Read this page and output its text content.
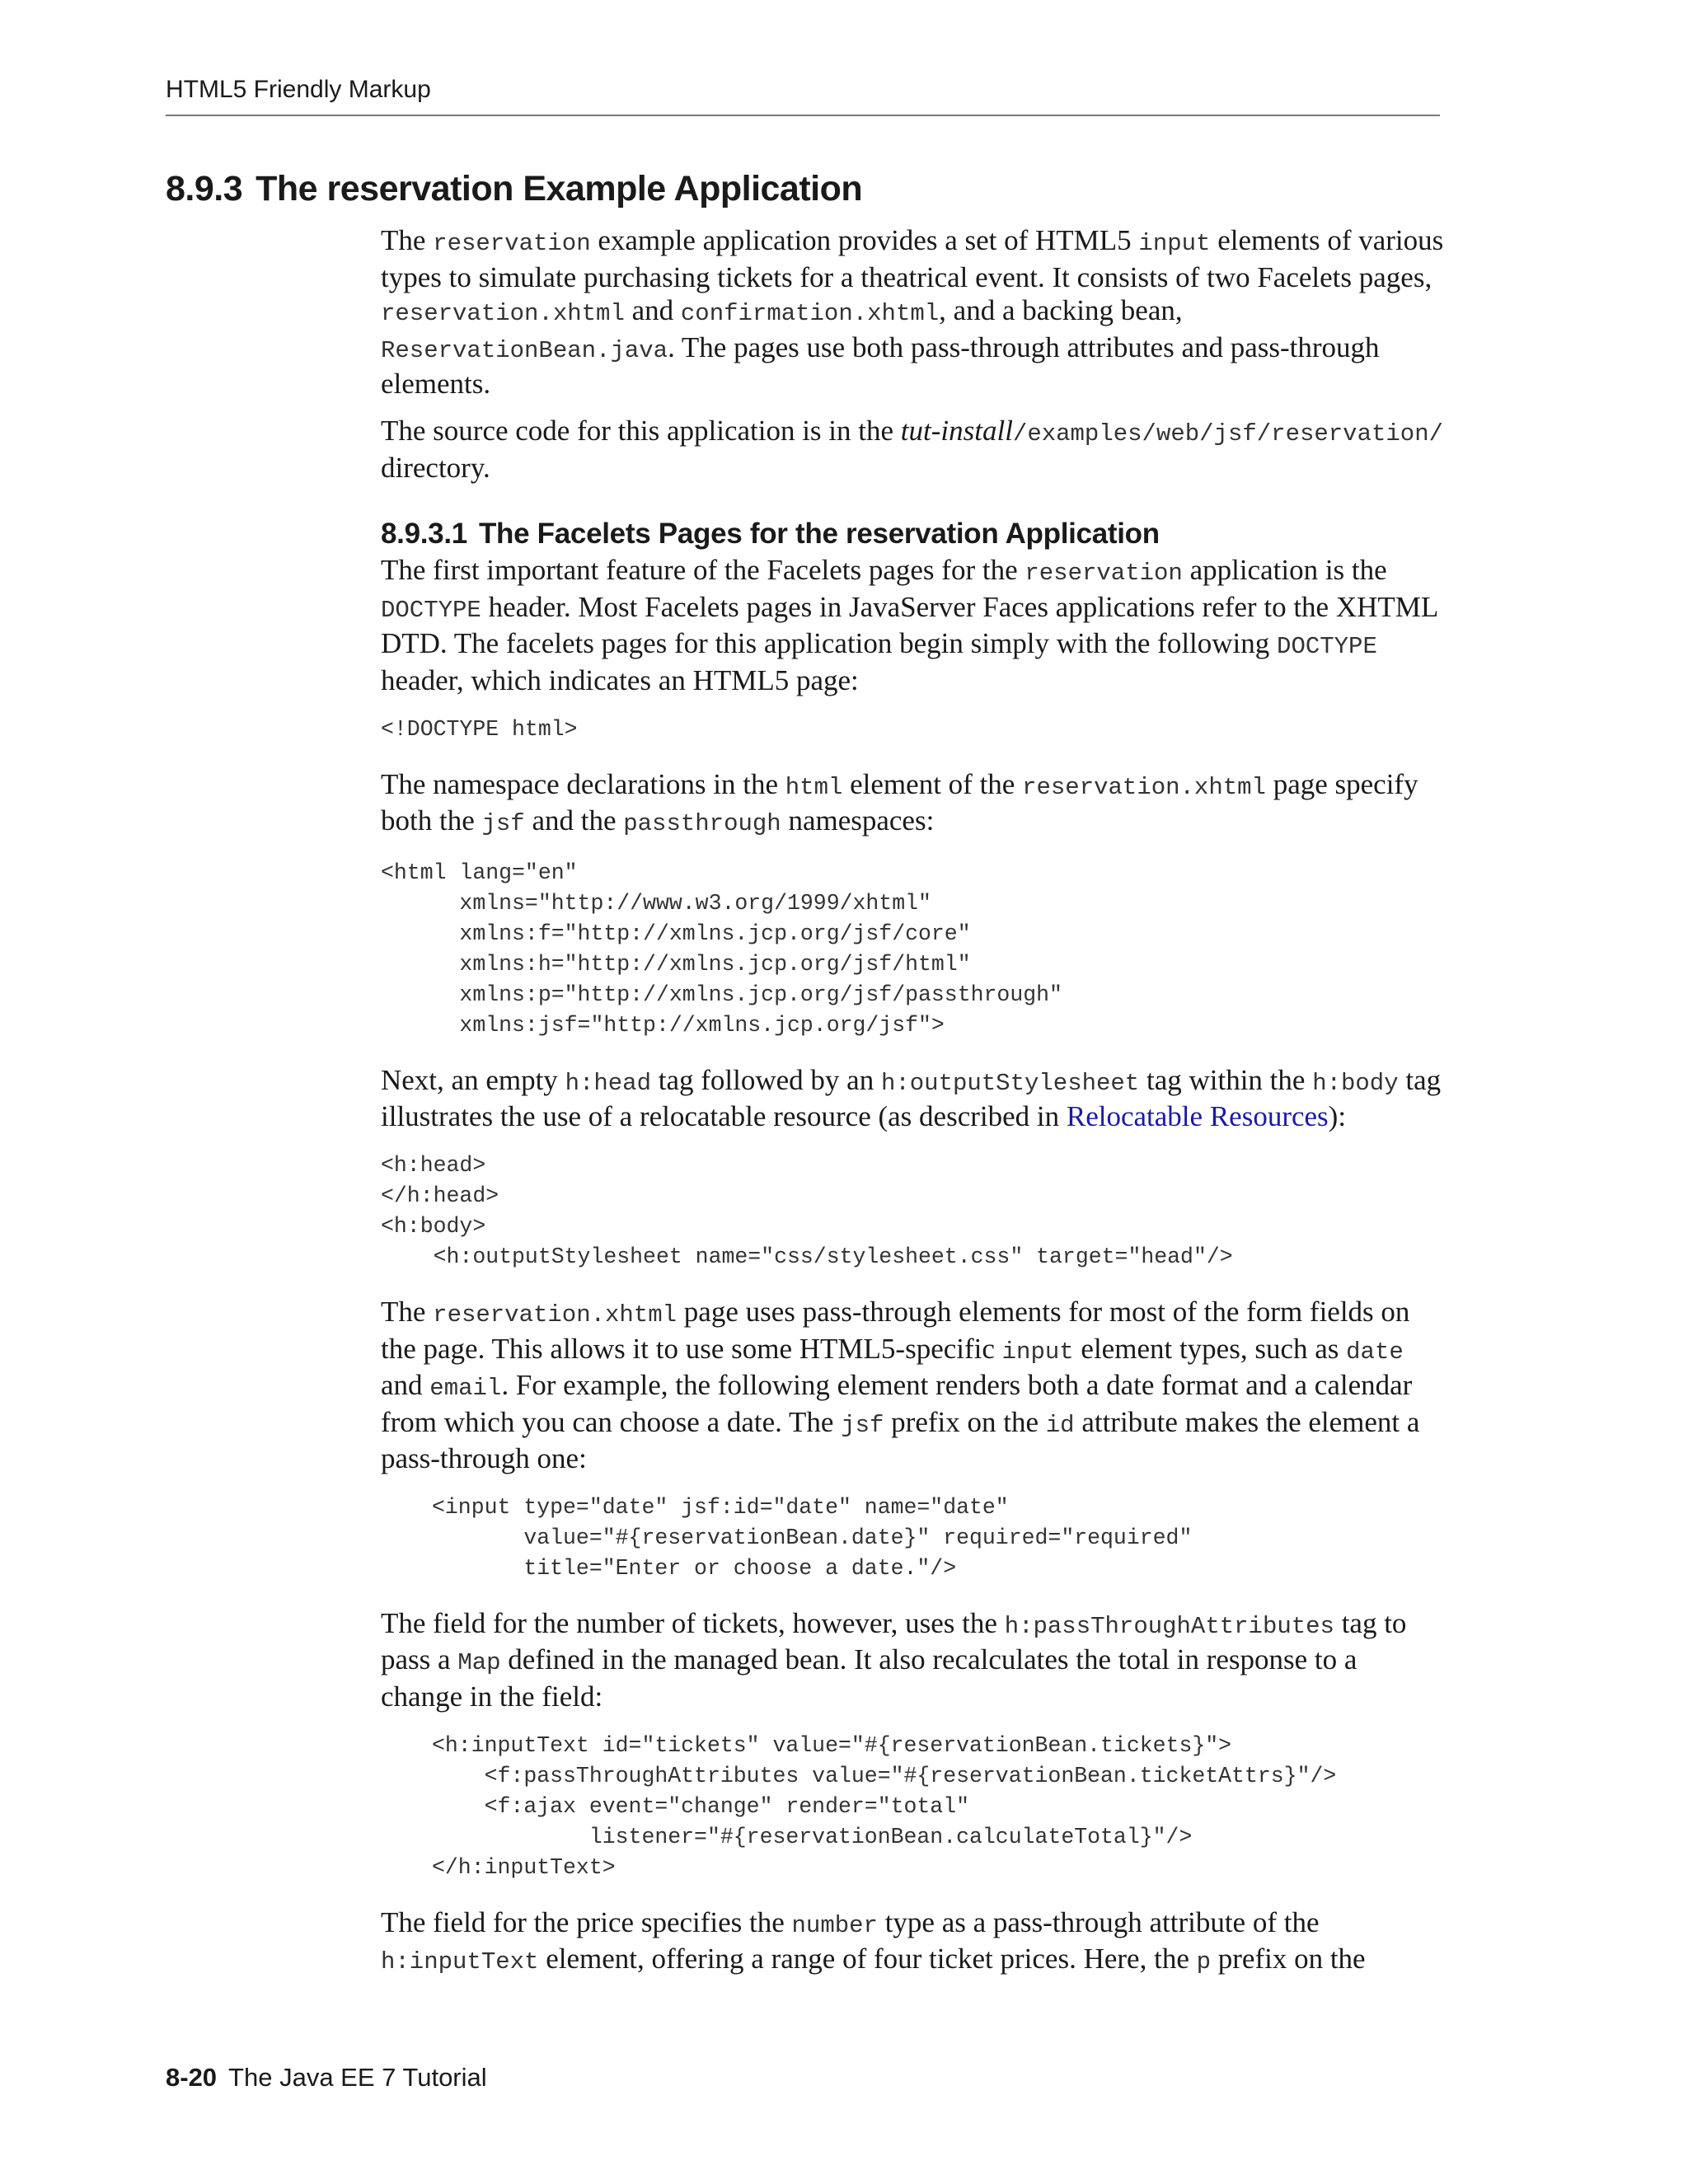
HTML5 Friendly Markup
8.9.3 The reservation Example Application

The reservation example application provides a set of HTML5 input elements of various types to simulate purchasing tickets for a theatrical event. It consists of two Facelets pages, reservation.xhtml and confirmation.xhtml, and a backing bean, ReservationBean.java. The pages use both pass-through attributes and pass-through elements.

The source code for this application is in the tut-install/examples/web/jsf/reservation/ directory.

8.9.3.1 The Facelets Pages for the reservation Application

The first important feature of the Facelets pages for the reservation application is the DOCTYPE header. Most Facelets pages in JavaServer Faces applications refer to the XHTML DTD. The facelets pages for this application begin simply with the following DOCTYPE header, which indicates an HTML5 page:

<!DOCTYPE html>

The namespace declarations in the html element of the reservation.xhtml page specify both the jsf and the passthrough namespaces:

<html lang="en"
xmlns="http://www.w3.org/1999/xhtml"
xmlns:f="http://xmlns.jcp.org/jsf/core"
xmlns:h="http://xmlns.jcp.org/jsf/html"
xmlns:p="http://xmlns.jcp.org/jsf/passthrough"
xmlns:jsf="http://xmlns.jcp.org/jsf">

Next, an empty h:head tag followed by an h:outputStylesheet tag within the h:body tag illustrates the use of a relocatable resource (as described in Relocatable Resources):

<h:head>
</h:head>
<h:body>
<h:outputStylesheet name="css/stylesheet.css" target="head"/>

The reservation.xhtml page uses pass-through elements for most of the form fields on the page. This allows it to use some HTML5-specific input element types, such as date and email. For example, the following element renders both a date format and a calendar from which you can choose a date. The jsf prefix on the id attribute makes the element a pass-through one:

<input type="date" jsf:id="date" name="date"
value="#{reservationBean.date}" required="required"
title="Enter or choose a date."/>

The field for the number of tickets, however, uses the h:passThroughAttributes tag to pass a Map defined in the managed bean. It also recalculates the total in response to a change in the field:

<h:inputText id="tickets" value="#{reservationBean.tickets}">
<f:passThroughAttributes value="#{reservationBean.ticketAttrs}"/>
<f:ajax event="change" render="total"
listener="#{reservationBean.calculateTotal}"/>
</h:inputText>

The field for the price specifies the number type as a pass-through attribute of the h:inputText element, offering a range of four ticket prices. Here, the p prefix on the

8-20 The Java EE 7 Tutorial
